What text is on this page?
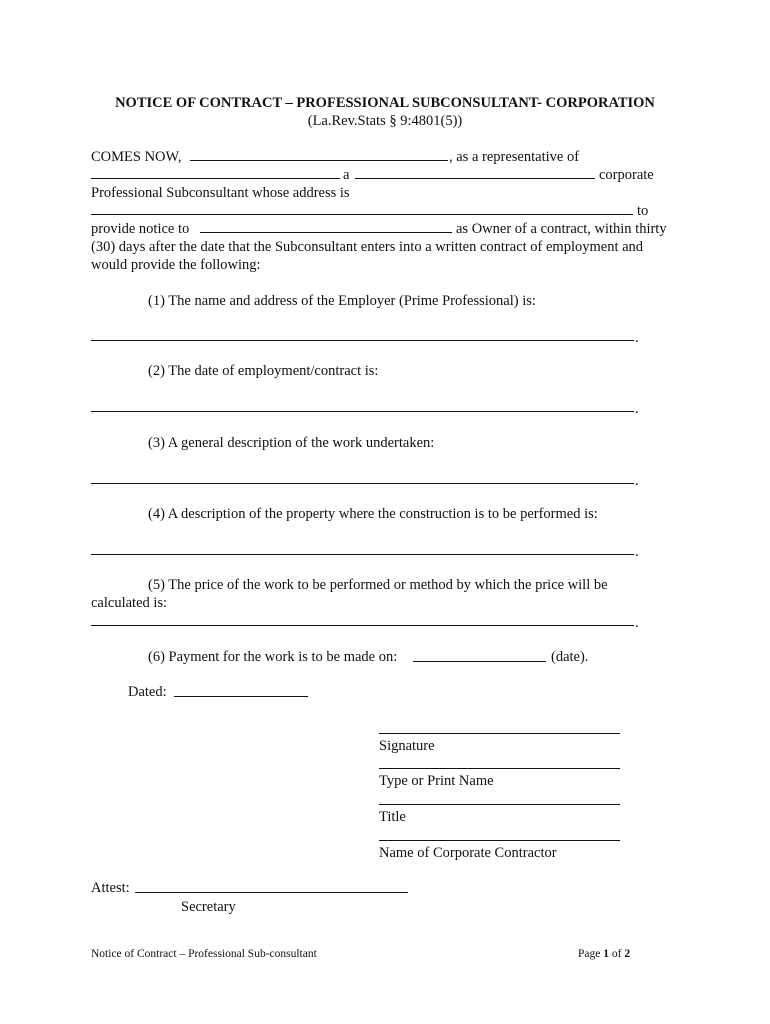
NOTICE OF CONTRACT – PROFESSIONAL SUBCONSULTANT- CORPORATION
(La.Rev.Stats § 9:4801(5))
COMES NOW,	, as a representative of
a	corporate
Professional Subconsultant whose address is
to
provide notice to	as Owner of a contract, within thirty
(30) days after the date that the Subconsultant enters into a written contract of employment and
would provide the following:
(1) The name and address of the Employer (Prime Professional) is:
.
(2) The date of employment/contract is:
.
(3) A general description of the work undertaken:
.
(4) A description of the property where the construction is to be performed is:
.
(5) The price of the work to be performed or method by which the price will be
calculated is:
.
(6) Payment for the work is to be made on:	(date).
Dated:
Signature
Type or Print Name
Title
Name of Corporate Contractor
Attest:
Secretary
Notice of Contract – Professional Sub-consultant	Page 1 of 2
